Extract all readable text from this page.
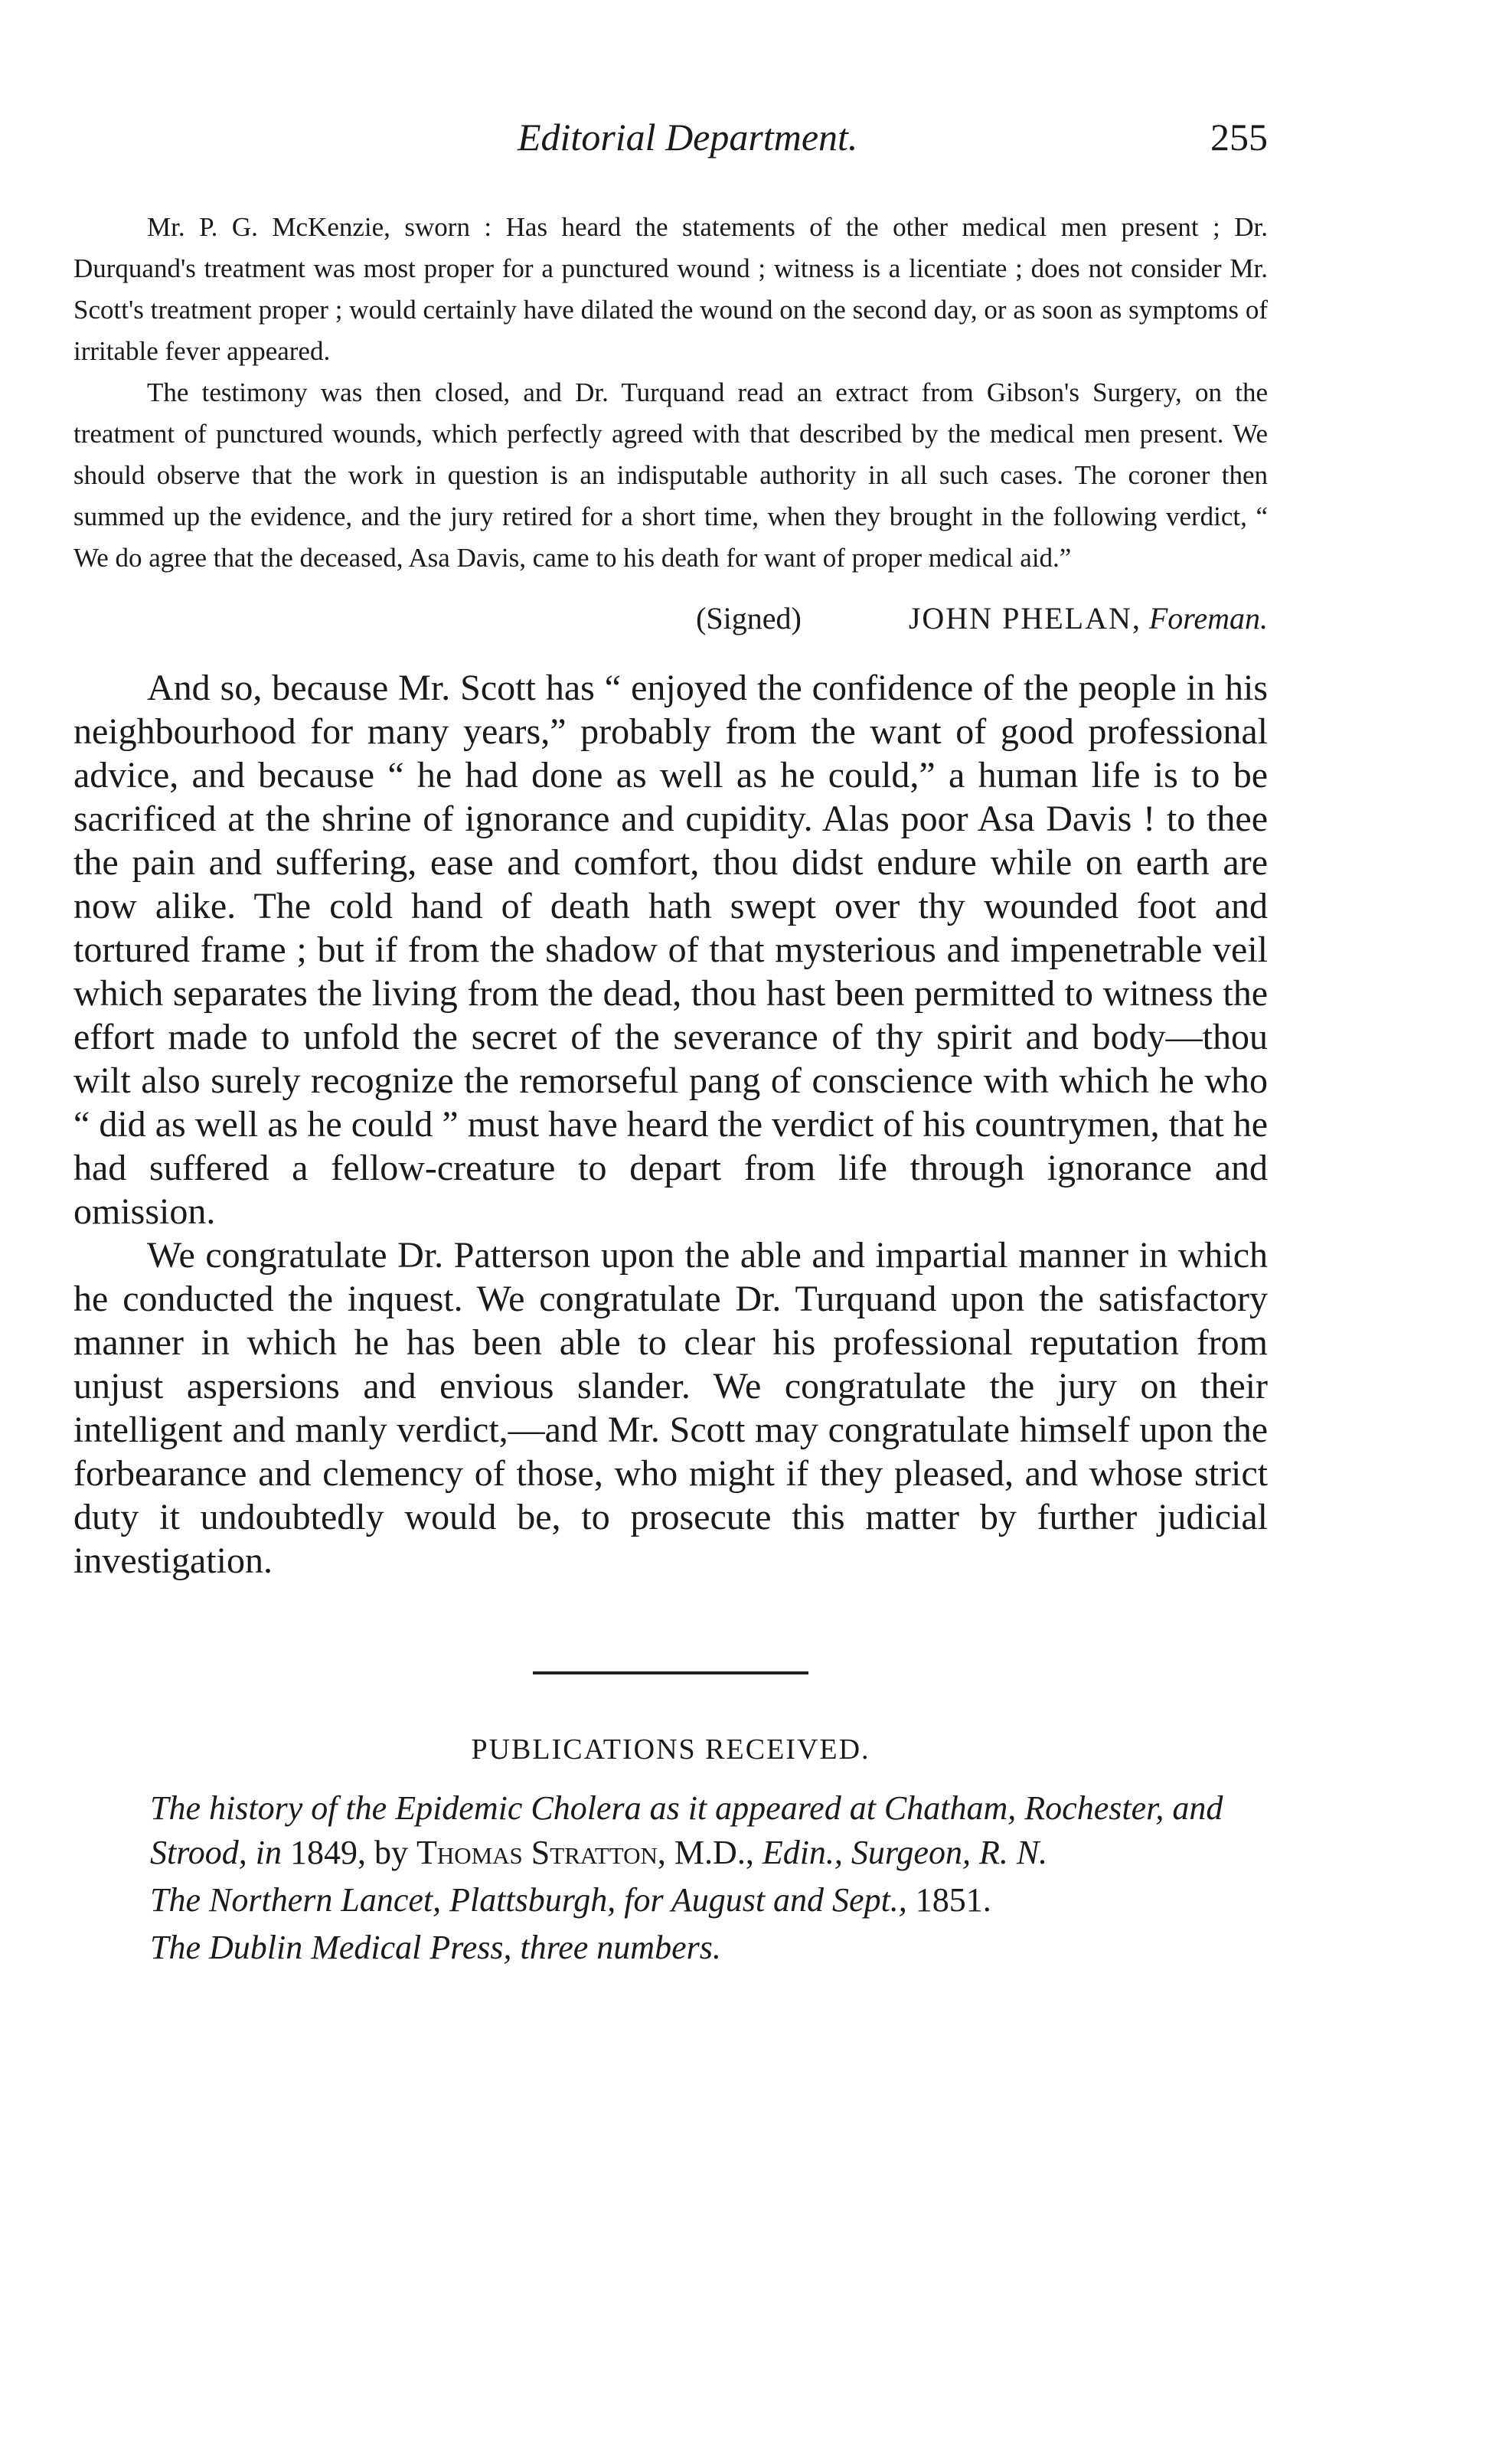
Editorial Department.	255

Mr. P. G. McKenzie, sworn : Has heard the statements of the other medical men present ; Dr. Durquand's treatment was most proper for a punctured wound ; witness is a licentiate ; does not consider Mr. Scott's treatment proper ; would certainly have dilated the wound on the second day, or as soon as symptoms of irritable fever appeared.

The testimony was then closed, and Dr. Turquand read an extract from Gibson's Surgery, on the treatment of punctured wounds, which perfectly agreed with that described by the medical men present. We should observe that the work in question is an indisputable authority in all such cases. The coroner then summed up the evidence, and the jury retired for a short time, when they brought in the following verdict, “ We do agree that the deceased, Asa Davis, came to his death for want of proper medical aid.”

(Signed)	JOHN PHELAN,
Foreman.

And so, because Mr. Scott has “ enjoyed the confidence of the people in his neighbourhood for many years,” probably from the want of good professional advice, and because “ he had done as well as he could,” a human life is to be sacrificed at the shrine of ignorance and cupidity. Alas poor Asa Davis ! to thee the pain and suffering, ease and comfort, thou didst endure while on earth are now alike. The cold hand of death hath swept over thy wounded foot and tortured frame ; but if from the shadow of that mysterious and impenetrable veil which separates the living from the dead, thou hast been permitted to witness the effort made to unfold the secret of the severance of thy spirit and body—thou wilt also surely recognize the remorseful pang of conscience with which he who “ did as well as he could ” must have heard the verdict of his countrymen, that he had suffered a fellow-creature to depart from life through ignorance and omission.

We congratulate Dr. Patterson upon the able and impartial manner in which he conducted the inquest. We congratulate Dr. Turquand upon the satisfactory manner in which he has been able to clear his professional reputation from unjust aspersions and envious slander. We congratulate the jury on their intelligent and manly verdict,—and Mr. Scott may congratulate himself upon the forbearance and clemency of those, who might if they pleased, and whose strict duty it undoubtedly would be, to prosecute this matter by further judicial investigation.

PUBLICATIONS RECEIVED.

The history of the Epidemic Cholera as it appeared at Chatham, Rochester, and Strood, in 1849, by Thomas Stratton, M.D., Edin., Surgeon, R. N.

The Northern Lancet, Plattsburgh, for August and Sept., 1851.

The Dublin Medical Press, three numbers.
